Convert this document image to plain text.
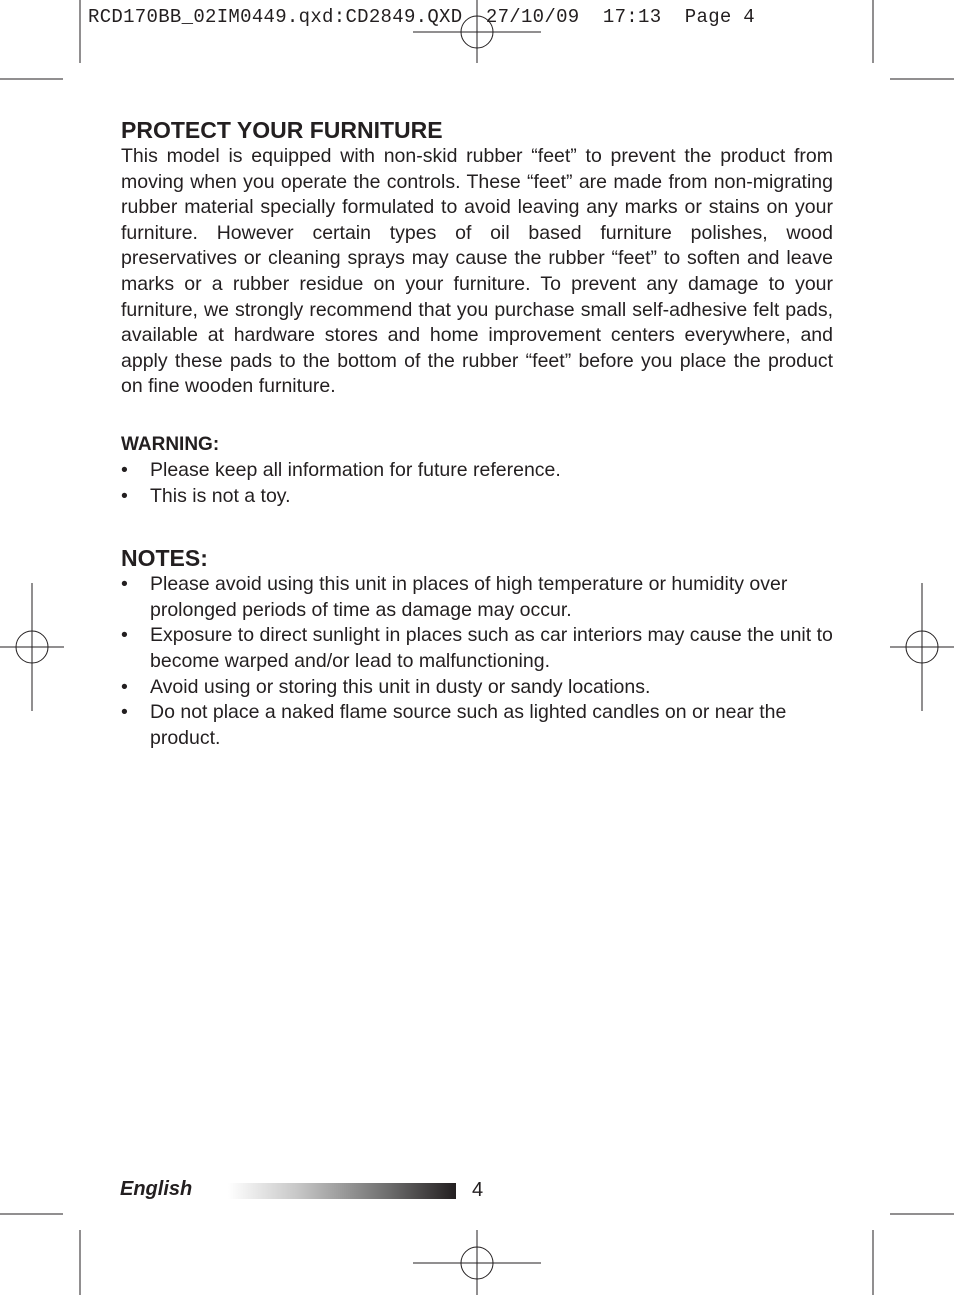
RCD170BB_02IM0449.qxd:CD2849.QXD  27/10/09  17:13  Page 4
PROTECT YOUR FURNITURE

This model is equipped with non-skid rubber “feet” to prevent the product from moving when you operate the controls. These “feet” are made from non-migrating rubber material specially formulated to avoid leaving any marks or stains on your furniture. However certain types of oil based furniture polishes, wood preservatives or cleaning sprays may cause the rubber “feet” to soften and leave marks or a rubber residue on your furniture. To prevent any damage to your furniture, we strongly recommend that you purchase small self-adhesive felt pads, available at hardware stores and home improvement centers everywhere, and apply these pads to the bottom of the rubber “feet” before you place the product on fine wooden furniture.

WARNING:
• Please keep all information for future reference.
• This is not a toy.
NOTES:
• Please avoid using this unit in places of high temperature or humidity over prolonged periods of time as damage may occur.
• Exposure to direct sunlight in places such as car interiors may cause the unit to become warped and/or lead to malfunctioning.
• Avoid using or storing this unit in dusty or sandy locations.
• Do not place a naked flame source such as lighted candles on or near the product.
English	4
